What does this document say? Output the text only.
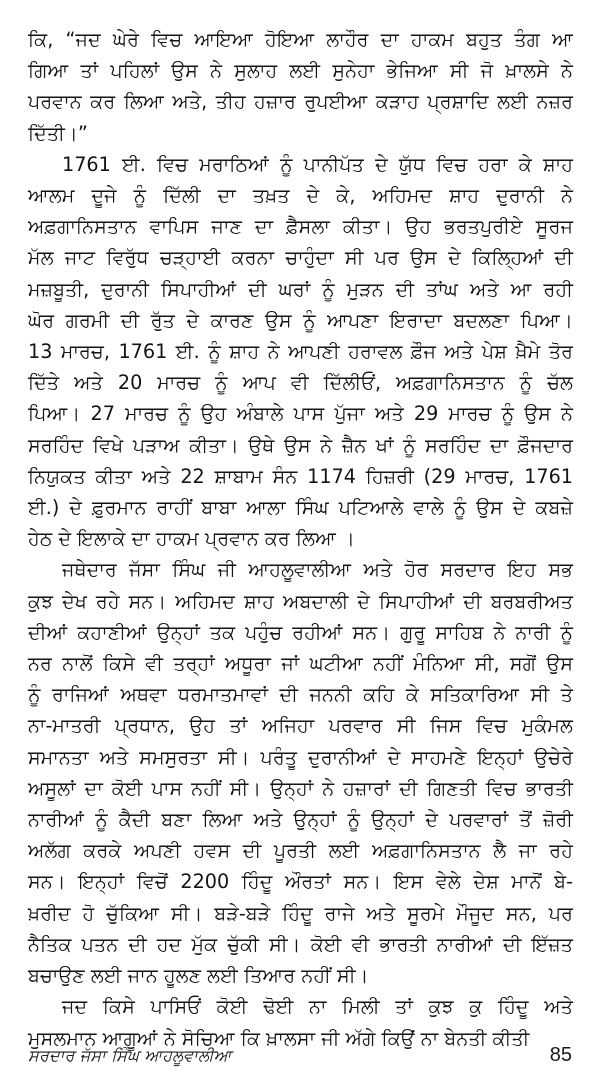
ਕਿ, “ਜਦ ਘੇਰੇ ਵਿਚ ਆਇਆ ਹੋਇਆ ਲਾਹੌਰ ਦਾ ਹਾਕਮ ਬਹੁਤ ਤੰਗ ਆ
ਗਿਆ ਤਾਂ ਪਹਿਲਾਂ ਉਸ ਨੇ ਸੁਲਾਹ ਲਈ ਸੁਨੇਹਾ ਭੇਜਿਆ ਸੀ ਜੋ ਖ਼ਾਲਸੇ ਨੇ
ਪਰਵਾਨ ਕਰ ਲਿਆ ਅਤੇ, ਤੀਹ ਹਜ਼ਾਰ ਰੁਪਈਆ ਕੜਾਹ ਪ੍ਰਸ਼ਾਦਿ ਲਈ ਨਜ਼ਰ
ਦਿੱਤੀ।”
1761 ਈ. ਵਿਚ ਮਰਾਠਿਆਂ ਨੂੰ ਪਾਨੀਪੱਤ ਦੇ ਯੁੱਧ ਵਿਚ ਹਰਾ ਕੇ ਸ਼ਾਹ
ਆਲਮ ਦੂਜੇ ਨੂੰ ਦਿੱਲੀ ਦਾ ਤਖ਼ਤ ਦੇ ਕੇ, ਅਹਿਮਦ ਸ਼ਾਹ ਦੁਰਾਨੀ ਨੇ
ਅਫ਼ਗਾਨਿਸਤਾਨ ਵਾਪਿਸ ਜਾਣ ਦਾ ਫ਼ੈਸਲਾ ਕੀਤਾ। ਉਹ ਭਰਤਪੁਰੀਏ ਸੂਰਜ
ਮੱਲ ਜਾਟ ਵਿਰੁੱਧ ਚੜ੍ਹਾਈ ਕਰਨਾ ਚਾਹੁੰਦਾ ਸੀ ਪਰ ਉਸ ਦੇ ਕਿਲ੍ਹਿਆਂ ਦੀ
ਮਜ਼ਬੂਤੀ, ਦੁਰਾਨੀ ਸਿਪਾਹੀਆਂ ਦੀ ਘਰਾਂ ਨੂੰ ਮੁੜਨ ਦੀ ਤਾਂਘ ਅਤੇ ਆ ਰਹੀ
ਘੋਰ ਗਰਮੀ ਦੀ ਰੁੱਤ ਦੇ ਕਾਰਣ ਉਸ ਨੂੰ ਆਪਣਾ ਇਰਾਦਾ ਬਦਲਣਾ ਪਿਆ।
13 ਮਾਰਚ, 1761 ਈ. ਨੂੰ ਸ਼ਾਹ ਨੇ ਆਪਣੀ ਹਰਾਵਲ ਫ਼ੌਜ ਅਤੇ ਪੇਸ਼ ਖ਼ੈਮੇ ਤੋਰ
ਦਿੱਤੇ ਅਤੇ 20 ਮਾਰਚ ਨੂੰ ਆਪ ਵੀ ਦਿੱਲੀਓਂ, ਅਫ਼ਗਾਨਿਸਤਾਨ ਨੂੰ ਚੱਲ
ਪਿਆ। 27 ਮਾਰਚ ਨੂੰ ਉਹ ਅੰਬਾਲੇ ਪਾਸ ਪੁੱਜਾ ਅਤੇ 29 ਮਾਰਚ ਨੂੰ ਉਸ ਨੇ
ਸਰਹਿੰਦ ਵਿਖੇ ਪੜਾਅ ਕੀਤਾ। ਉਥੇ ਉਸ ਨੇ ਜ਼ੈਨ ਖਾਂ ਨੂੰ ਸਰਹਿੰਦ ਦਾ ਫ਼ੌਜਦਾਰ
ਨਿਯੁਕਤ ਕੀਤਾ ਅਤੇ 22 ਸ਼ਾਬਾਮ ਸੰਨ 1174 ਹਿਜ਼ਰੀ (29 ਮਾਰਚ, 1761
ਈ.) ਦੇ ਫ਼ੁਰਮਾਨ ਰਾਹੀਂ ਬਾਬਾ ਆਲਾ ਸਿੰਘ ਪਟਿਆਲੇ ਵਾਲੇ ਨੂੰ ਉਸ ਦੇ ਕਬਜ਼ੇ
ਹੇਠ ਦੇ ਇਲਾਕੇ ਦਾ ਹਾਕਮ ਪ੍ਰਵਾਨ ਕਰ ਲਿਆ ।
ਜਥੇਦਾਰ ਜੱਸਾ ਸਿੰਘ ਜੀ ਆਹਲੂਵਾਲੀਆ ਅਤੇ ਹੋਰ ਸਰਦਾਰ ਇਹ ਸਭ
ਕੁਝ ਦੇਖ ਰਹੇ ਸਨ। ਅਹਿਮਦ ਸ਼ਾਹ ਅਬਦਾਲੀ ਦੇ ਸਿਪਾਹੀਆਂ ਦੀ ਬਰਬਰੀਅਤ
ਦੀਆਂ ਕਹਾਣੀਆਂ ਉਨ੍ਹਾਂ ਤਕ ਪਹੁੰਚ ਰਹੀਆਂ ਸਨ। ਗੁਰੂ ਸਾਹਿਬ ਨੇ ਨਾਰੀ ਨੂੰ
ਨਰ ਨਾਲੋਂ ਕਿਸੇ ਵੀ ਤਰ੍ਹਾਂ ਅਧੂਰਾ ਜਾਂ ਘਟੀਆ ਨਹੀਂ ਮੰਨਿਆ ਸੀ, ਸਗੋਂ ਉਸ
ਨੂੰ ਰਾਜਿਆਂ ਅਥਵਾ ਧਰਮਾਤਮਾਵਾਂ ਦੀ ਜਨਨੀ ਕਹਿ ਕੇ ਸਤਿਕਾਰਿਆ ਸੀ ਤੇ
ਨਾ-ਮਾਤਰੀ ਪ੍ਰਧਾਨ, ਉਹ ਤਾਂ ਅਜਿਹਾ ਪਰਵਾਰ ਸੀ ਜਿਸ ਵਿਚ ਮੁਕੰਮਲ
ਸਮਾਨਤਾ ਅਤੇ ਸਮਸੁਰਤਾ ਸੀ। ਪਰੰਤੂ ਦੁਰਾਨੀਆਂ ਦੇ ਸਾਹਮਣੇ ਇਨ੍ਹਾਂ ਉਚੇਰੇ
ਅਸੂਲਾਂ ਦਾ ਕੋਈ ਪਾਸ ਨਹੀਂ ਸੀ। ਉਨ੍ਹਾਂ ਨੇ ਹਜ਼ਾਰਾਂ ਦੀ ਗਿਣਤੀ ਵਿਚ ਭਾਰਤੀ
ਨਾਰੀਆਂ ਨੂੰ ਕੈਦੀ ਬਣਾ ਲਿਆ ਅਤੇ ਉਨ੍ਹਾਂ ਨੂੰ ਉਨ੍ਹਾਂ ਦੇ ਪਰਵਾਰਾਂ ਤੋਂ ਜ਼ੋਰੀ
ਅਲੱਗ ਕਰਕੇ ਅਪਣੀ ਹਵਸ ਦੀ ਪੂਰਤੀ ਲਈ ਅਫ਼ਗਾਨਿਸਤਾਨ ਲੈ ਜਾ ਰਹੇ
ਸਨ। ਇਨ੍ਹਾਂ ਵਿਚੋਂ 2200 ਹਿੰਦੂ ਔਰਤਾਂ ਸਨ। ਇਸ ਵੇਲੇ ਦੇਸ਼ ਮਾਨੋਂ ਬੇ-
ਖ਼ਰੀਦ ਹੋ ਚੁੱਕਿਆ ਸੀ। ਬੜੇ-ਬੜੇ ਹਿੰਦੂ ਰਾਜੇ ਅਤੇ ਸੂਰਮੇ ਮੌਜੂਦ ਸਨ, ਪਰ
ਨੈਤਿਕ ਪਤਨ ਦੀ ਹਦ ਮੁੱਕ ਚੁੱਕੀ ਸੀ। ਕੋਈ ਵੀ ਭਾਰਤੀ ਨਾਰੀਆਂ ਦੀ ਇੱਜ਼ਤ
ਬਚਾਉਣ ਲਈ ਜਾਨ ਹੂਲਣ ਲਈ ਤਿਆਰ ਨਹੀਂ ਸੀ।
ਜਦ ਕਿਸੇ ਪਾਸਿਓਂ ਕੋਈ ਢੋਈ ਨਾ ਮਿਲੀ ਤਾਂ ਕੁਝ ਕੁ ਹਿੰਦੂ ਅਤੇ
ਮੁਸਲਮਾਨ ਆਗੂਆਂ ਨੇ ਸੋਚਿਆ ਕਿ ਖ਼ਾਲਸਾ ਜੀ ਅੱਗੇ ਕਿਉਂ ਨਾ ਬੇਨਤੀ ਕੀਤੀ
ਸਰਦਾਰ ਜੱਸਾ ਸਿੰਘ ਆਹਲੂਵਾਲੀਆ	85
